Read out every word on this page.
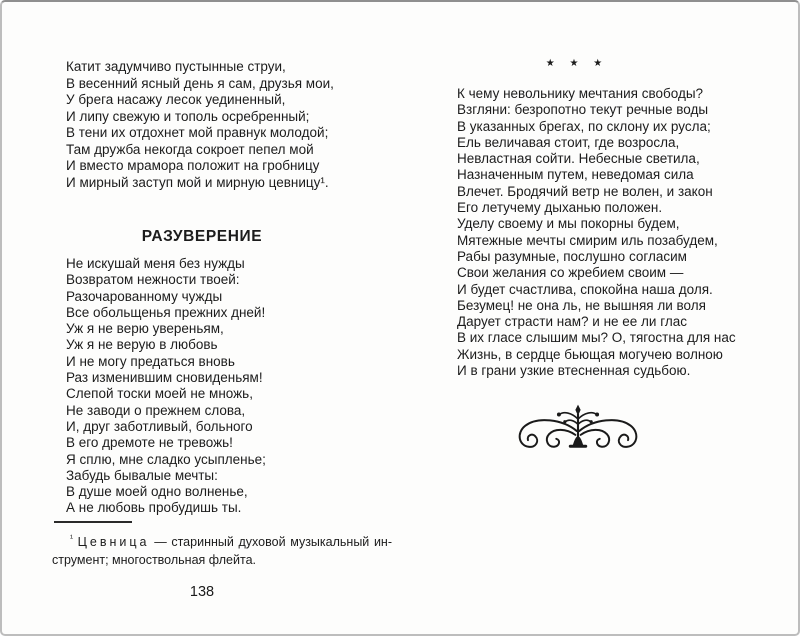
Катит задумчиво пустынные струи,
В весенний ясный день я сам, друзья мои,
У брега насажу лесок уединенный,
И липу свежую и тополь осребренный;
В тени их отдохнет мой правнук молодой;
Там дружба некогда сокроет пепел мой
И вместо мрамора положит на гробницу
И мирный заступ мой и мирную цевницу¹.
РАЗУВЕРЕНИЕ
Не искушай меня без нужды
Возвратом нежности твоей:
Разочарованному чужды
Все обольщенья прежних дней!
Уж я не верю увереньям,
Уж я не верую в любовь
И не могу предаться вновь
Раз изменившим сновиденьям!
Слепой тоски моей не множь,
Не заводи о прежнем слова,
И, друг заботливый, больного
В его дремоте не тревожь!
Я сплю, мне сладко усыпленье;
Забудь бывалые мечты:
В душе моей одно волненье,
А не любовь пробудишь ты.
$^{^1}$ Цевница — старинный духовой музыкальный ин-
струмент; многоствольная флейта.
138
★ ★ ★
К чему невольнику мечтания свободы?
Взгляни: безропотно текут речные воды
В указанных брегах, по склону их русла;
Ель величавая стоит, где возросла,
Невластная сойти. Небесные светила,
Назначенным путем, неведомая сила
Влечет. Бродячий ветр не волен, и закон
Его летучему дыханью положен.
Уделу своему и мы покорны будем,
Мятежные мечты смирим иль позабудем,
Рабы разумные, послушно согласим
Свои желания со жребием своим —
И будет счастлива, спокойна наша доля.
Безумец! не она ль, не вышняя ли воля
Дарует страсти нам? и не ее ли глас
В их гласе слышим мы? О, тягостна для нас
Жизнь, в сердце бьющая могучею волною
И в грани узкие втесненная судьбою.
